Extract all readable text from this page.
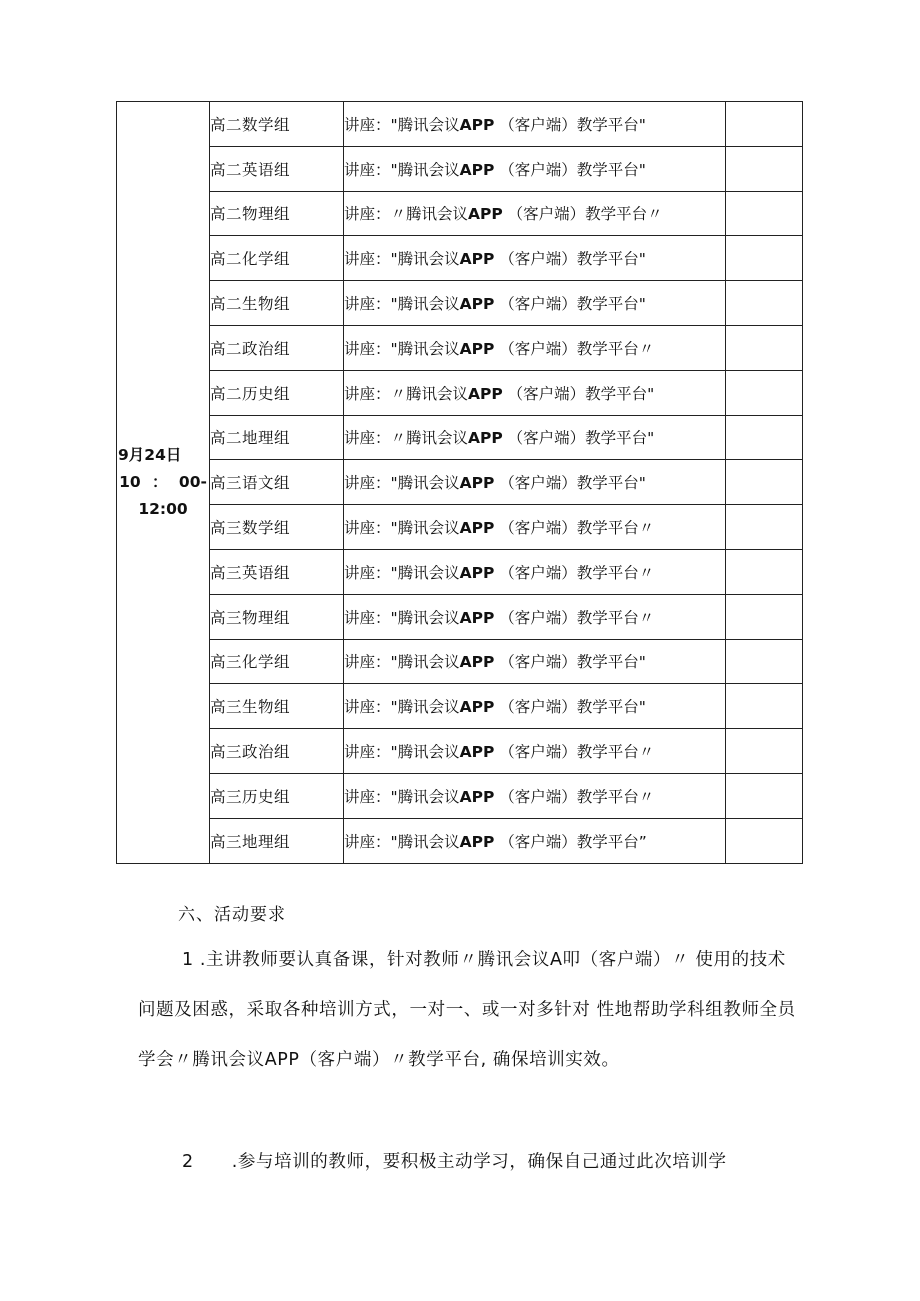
9月24日
10 ： 00-
12:00	高二数学组	讲座："腾讯会议APP （客户端）教学平台"	
	高二英语组	讲座："腾讯会议APP （客户端）教学平台"	
	高二物理组	讲座：〃腾讯会议APP （客户端）教学平台〃	
	高二化学组	讲座："腾讯会议APP （客户端）教学平台"	
	高二生物组	讲座："腾讯会议APP （客户端）教学平台"	
	高二政治组	讲座："腾讯会议APP （客户端）教学平台〃	
	高二历史组	讲座：〃腾讯会议APP （客户端）教学平台"	
	高二地理组	讲座：〃腾讯会议APP （客户端）教学平台"	
	高三语文组	讲座："腾讯会议APP （客户端）教学平台"	
	高三数学组	讲座："腾讯会议APP （客户端）教学平台〃	
	高三英语组	讲座："腾讯会议APP （客户端）教学平台〃	
	高三物理组	讲座："腾讯会议APP （客户端）教学平台〃	
	高三化学组	讲座："腾讯会议APP （客户端）教学平台"	
	高三生物组	讲座："腾讯会议APP （客户端）教学平台"	
	高三政治组	讲座："腾讯会议APP （客户端）教学平台〃	
	高三历史组	讲座："腾讯会议APP （客户端）教学平台〃	
	高三地理组	讲座："腾讯会议APP （客户端）教学平台”	
六、活动要求
1 .主讲教师要认真备课，针对教师〃腾讯会议A叩（客户端）〃 使用的技术问题及困惑，采取各种培训方式，一对一、或一对多针对 性地帮助学科组教师全员学会〃腾讯会议APP（客户端）〃教学平台, 确保培训实效。
2 .参与培训的教师，要积极主动学习，确保自己通过此次培训学
